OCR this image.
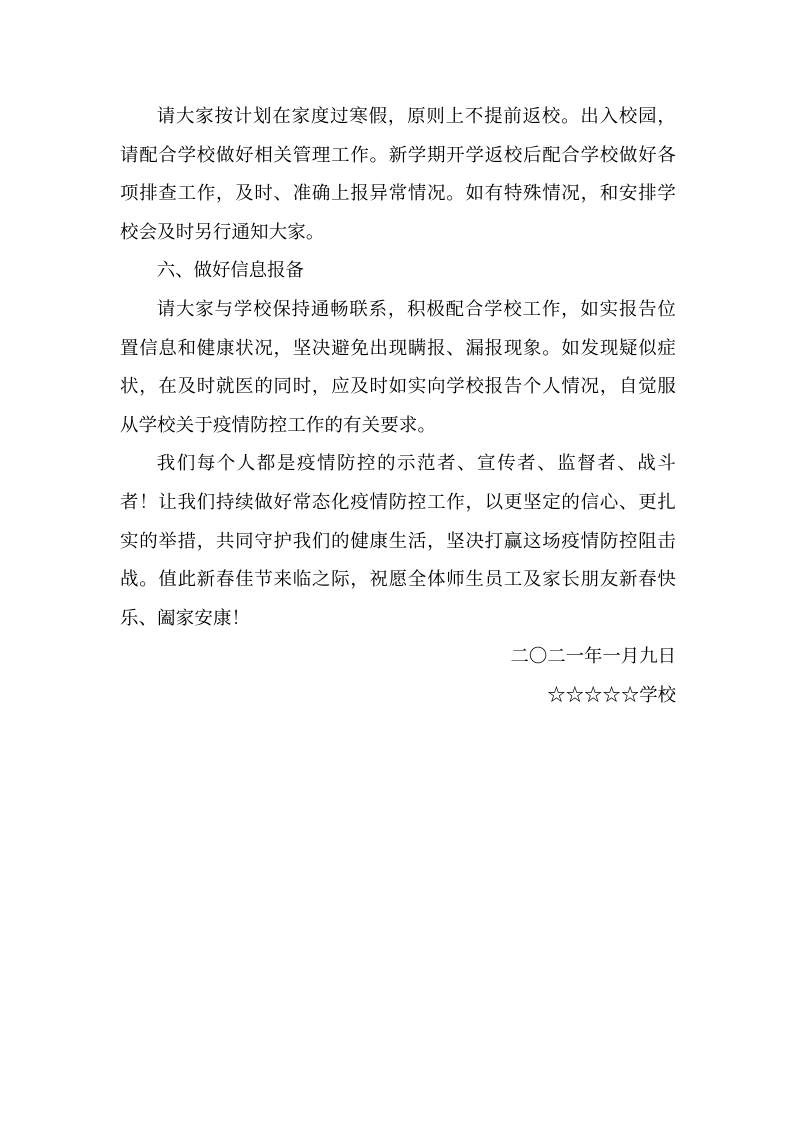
请大家按计划在家度过寒假，原则上不提前返校。出入校园，请配合学校做好相关管理工作。新学期开学返校后配合学校做好各项排查工作，及时、准确上报异常情况。如有特殊情况，和安排学校会及时另行通知大家。

六、做好信息报备

请大家与学校保持通畅联系，积极配合学校工作，如实报告位置信息和健康状况，坚决避免出现瞒报、漏报现象。如发现疑似症状，在及时就医的同时，应及时如实向学校报告个人情况，自觉服从学校关于疫情防控工作的有关要求。

我们每个人都是疫情防控的示范者、宣传者、监督者、战斗者！让我们持续做好常态化疫情防控工作，以更坚定的信心、更扎实的举措，共同守护我们的健康生活，坚决打赢这场疫情防控阻击战。值此新春佳节来临之际，祝愿全体师生员工及家长朋友新春快乐、阖家安康！

二〇二一年一月九日

☆☆☆☆☆学校
